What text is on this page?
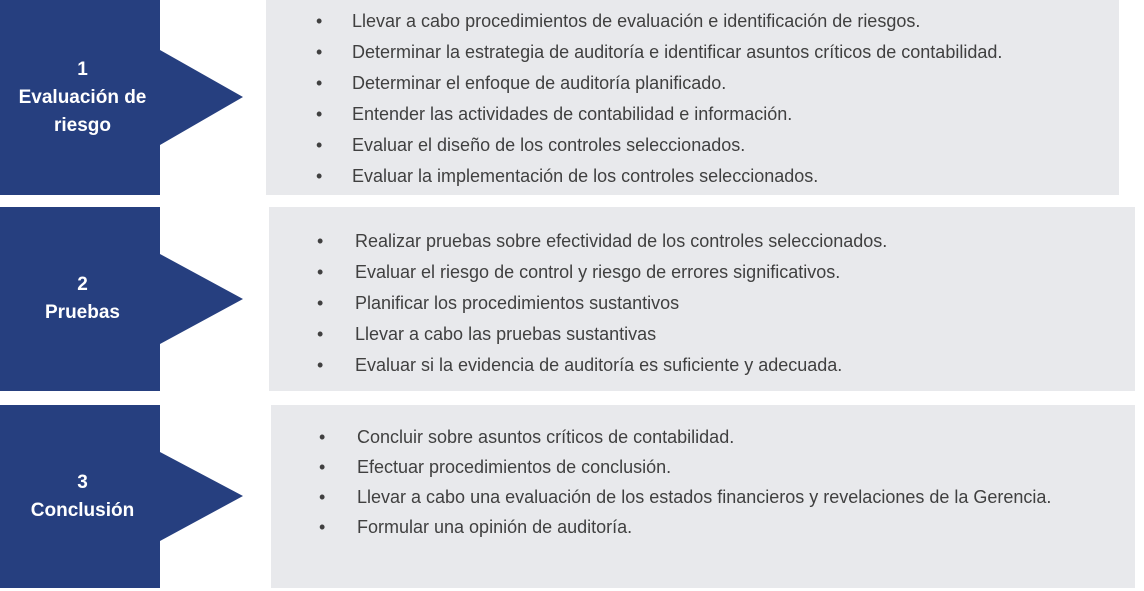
1
Evaluación de riesgo
• Llevar a cabo procedimientos de evaluación e identificación de riesgos.
• Determinar la estrategia de auditoría e identificar asuntos críticos de contabilidad.
• Determinar el enfoque de auditoría planificado.
• Entender las actividades de contabilidad e información.
• Evaluar el diseño de los controles seleccionados.
• Evaluar la implementación de los controles seleccionados.
2
Pruebas
• Realizar pruebas sobre efectividad de los controles seleccionados.
• Evaluar el riesgo de control y riesgo de errores significativos.
• Planificar los procedimientos sustantivos
• Llevar a cabo las pruebas sustantivas
• Evaluar si la evidencia de auditoría es suficiente y adecuada.
3
Conclusión
• Concluir sobre asuntos críticos de contabilidad.
• Efectuar procedimientos de conclusión.
• Llevar a cabo una evaluación de los estados financieros y revelaciones de la Gerencia.
• Formular una opinión de auditoría.
